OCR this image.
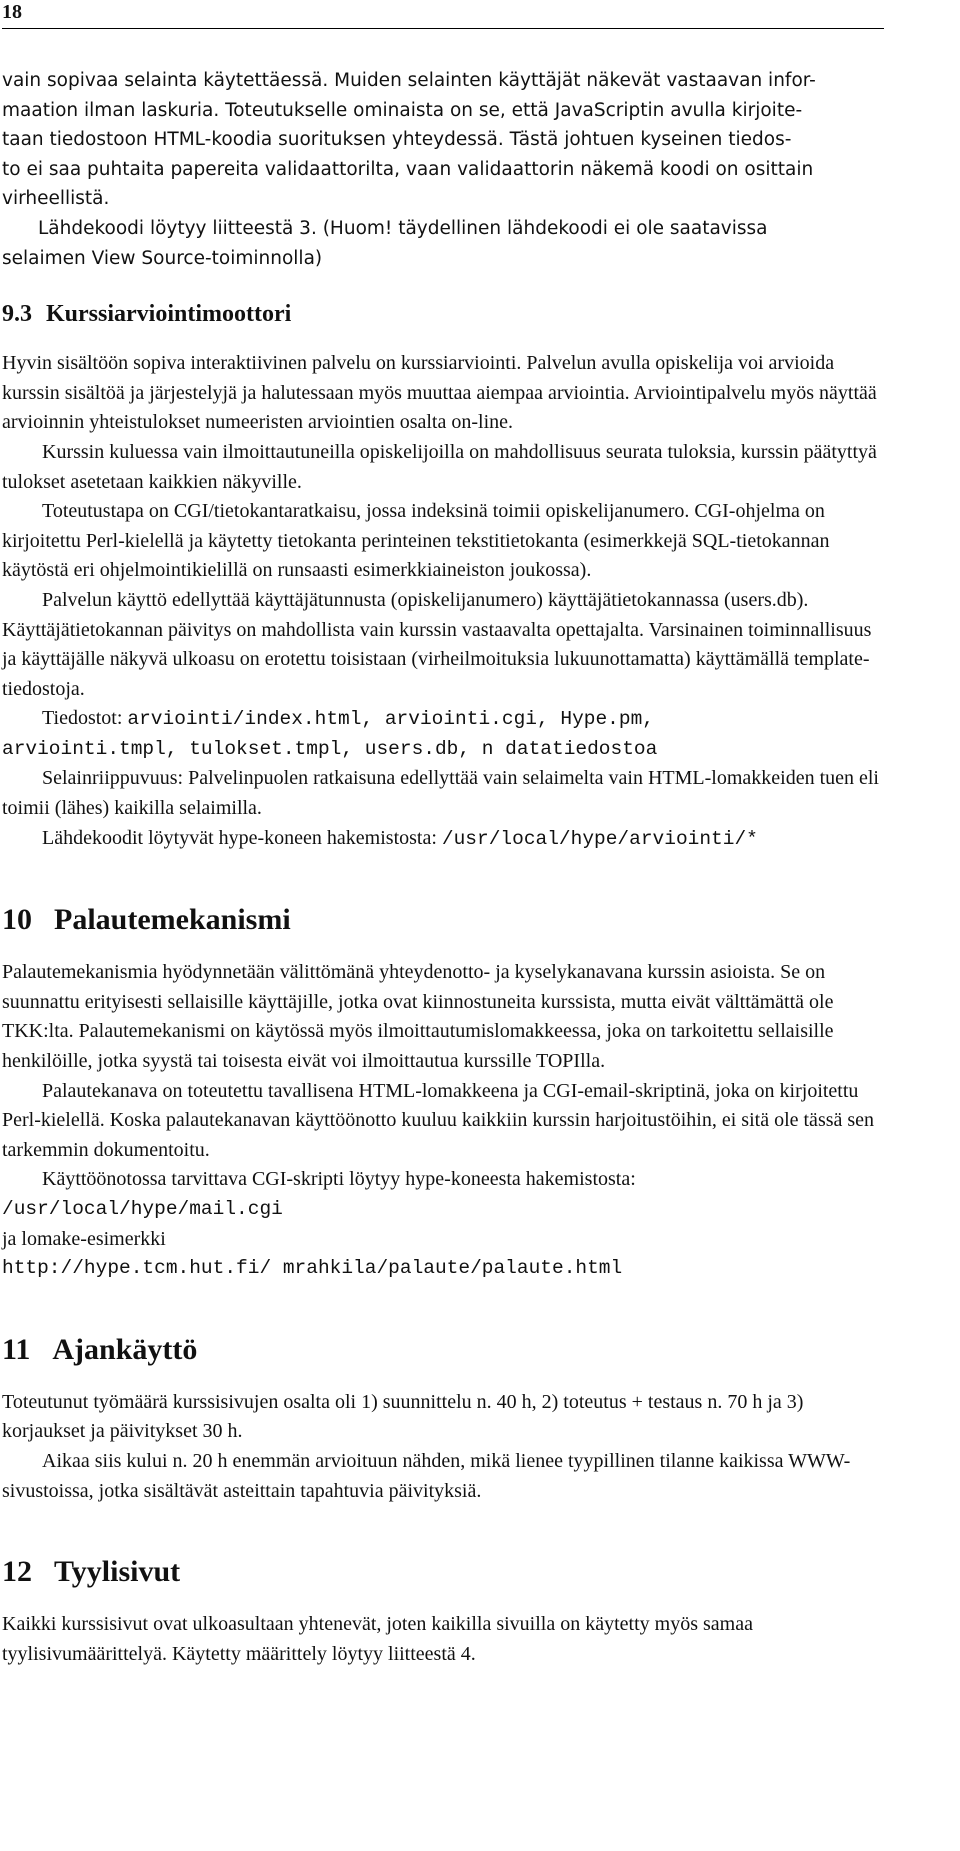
18
vain sopivaa selainta käytettäessä. Muiden selainten käyttäjät näkevät vastaavan infor-
maation ilman laskuria. Toteutukselle ominaista on se, että JavaScriptin avulla kirjoite-
taan tiedostoon HTML-koodia suorituksen yhteydessä. Tästä johtuen kyseinen tiedos-
to ei saa puhtaita papereita validaattorilta, vaan validaattorin näkemä koodi on osittain
virheellistä.
Lähdekoodi löytyy liitteestä 3. (Huom! täydellinen lähdekoodi ei ole saatavissa
selaimen View Source-toiminnolla)
9.3 Kurssiarviointimoottori

Hyvin sisältöön sopiva interaktiivinen palvelu on kurssiarviointi. Palvelun avulla opiskelija voi arvioida kurssin sisältöä ja järjestelyjä ja halutessaan myös muuttaa aiempaa arviointia. Arviointipalvelu myös näyttää arvioinnin yhteistulokset numeeristen arviointien osalta on-line.

Kurssin kuluessa vain ilmoittautuneilla opiskelijoilla on mahdollisuus seurata tuloksia, kurssin päätyttyä tulokset asetetaan kaikkien näkyville.

Toteutustapa on CGI/tietokantaratkaisu, jossa indeksinä toimii opiskelijanumero. CGI-ohjelma on kirjoitettu Perl-kielellä ja käytetty tietokanta perinteinen tekstitietokanta (esimerkkejä SQL-tietokannan käytöstä eri ohjelmointikielillä on runsaasti esimerkkiaineiston joukossa).

Palvelun käyttö edellyttää käyttäjätunnusta (opiskelijanumero) käyttäjätietokannassa (users.db). Käyttäjätietokannan päivitys on mahdollista vain kurssin vastaavalta opettajalta. Varsinainen toiminnallisuus ja käyttäjälle näkyvä ulkoasu on erotettu toisistaan (virheilmoituksia lukuunottamatta) käyttämällä template-tiedostoja.

Tiedostot: arviointi/index.html, arviointi.cgi, Hype.pm,

arviointi.tmpl, tulokset.tmpl, users.db, n datatiedostoa

Selainriippuvuus: Palvelinpuolen ratkaisuna edellyttää vain selaimelta vain HTML-lomakkeiden tuen eli toimii (lähes) kaikilla selaimilla.

Lähdekoodit löytyvät hype-koneen hakemistosta: /usr/local/hype/arviointi/*

10 Palautemekanismi

Palautemekanismia hyödynnetään välittömänä yhteydenotto- ja kyselykanavana kurssin asioista. Se on suunnattu erityisesti sellaisille käyttäjille, jotka ovat kiinnostuneita kurssista, mutta eivät välttämättä ole TKK:lta. Palautemekanismi on käytössä myös ilmoittautumislomakkeessa, joka on tarkoitettu sellaisille henkilöille, jotka syystä tai toisesta eivät voi ilmoittautua kurssille TOPIlla.

Palautekanava on toteutettu tavallisena HTML-lomakkeena ja CGI-email-skriptinä, joka on kirjoitettu Perl-kielellä. Koska palautekanavan käyttöönotto kuuluu kaikkiin kurssin harjoitustöihin, ei sitä ole tässä sen tarkemmin dokumentoitu.

Käyttöönotossa tarvittava CGI-skripti löytyy hype-koneesta hakemistosta:

/usr/local/hype/mail.cgi

ja lomake-esimerkki

http://hype.tcm.hut.fi/ mrahkila/palaute/palaute.html

11 Ajankäyttö

Toteutunut työmäärä kurssisivujen osalta oli 1) suunnittelu n. 40 h, 2) toteutus + testaus n. 70 h ja 3) korjaukset ja päivitykset 30 h.

Aikaa siis kului n. 20 h enemmän arvioituun nähden, mikä lienee tyypillinen tilanne kaikissa WWW-sivustoissa, jotka sisältävät asteittain tapahtuvia päivityksiä.

12 Tyylisivut

Kaikki kurssisivut ovat ulkoasultaan yhtenevät, joten kaikilla sivuilla on käytetty myös samaa tyylisivumäärittelyä. Käytetty määrittely löytyy liitteestä 4.
